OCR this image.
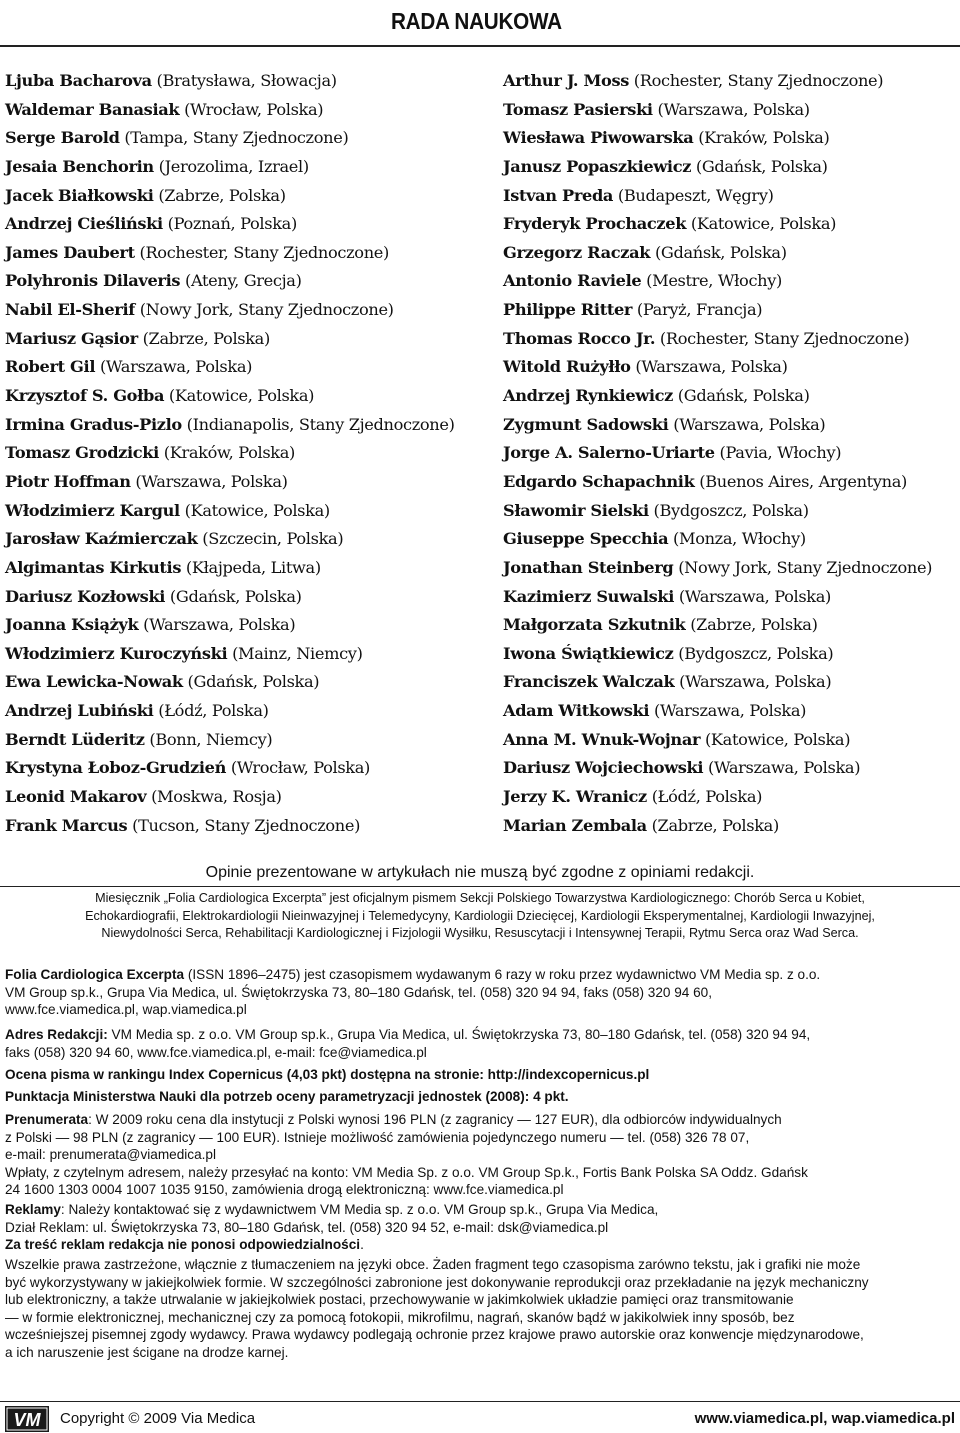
RADA NAUKOWA
Ljuba Bacharova (Bratysława, Słowacja)
Waldemar Banasiak (Wrocław, Polska)
Serge Barold (Tampa, Stany Zjednoczone)
Jesaia Benchorin (Jerozolima, Izrael)
Jacek Białkowski (Zabrze, Polska)
Andrzej Cieśliński (Poznań, Polska)
James Daubert (Rochester, Stany Zjednoczone)
Polyhronis Dilaveris (Ateny, Grecja)
Nabil El-Sherif (Nowy Jork, Stany Zjednoczone)
Mariusz Gąsior (Zabrze, Polska)
Robert Gil (Warszawa, Polska)
Krzysztof S. Gołba (Katowice, Polska)
Irmina Gradus-Pizlo (Indianapolis, Stany Zjednoczone)
Tomasz Grodzicki (Kraków, Polska)
Piotr Hoffman (Warszawa, Polska)
Włodzimierz Kargul (Katowice, Polska)
Jarosław Kaźmierczak (Szczecin, Polska)
Algimantas Kirkutis (Kłajpeda, Litwa)
Dariusz Kozłowski (Gdańsk, Polska)
Joanna Książyk (Warszawa, Polska)
Włodzimierz Kuroczyński (Mainz, Niemcy)
Ewa Lewicka-Nowak (Gdańsk, Polska)
Andrzej Lubiński (Łódź, Polska)
Berndt Lüderitz (Bonn, Niemcy)
Krystyna Łoboz-Grudzień (Wrocław, Polska)
Leonid Makarov (Moskwa, Rosja)
Frank Marcus (Tucson, Stany Zjednoczone)
Arthur J. Moss (Rochester, Stany Zjednoczone)
Tomasz Pasierski (Warszawa, Polska)
Wiesława Piwowarska (Kraków, Polska)
Janusz Popaszkiewicz (Gdańsk, Polska)
Istvan Preda (Budapeszt, Węgry)
Fryderyk Prochaczek (Katowice, Polska)
Grzegorz Raczak (Gdańsk, Polska)
Antonio Raviele (Mestre, Włochy)
Philippe Ritter (Paryż, Francja)
Thomas Rocco Jr. (Rochester, Stany Zjednoczone)
Witold Rużyłło (Warszawa, Polska)
Andrzej Rynkiewicz (Gdańsk, Polska)
Zygmunt Sadowski (Warszawa, Polska)
Jorge A. Salerno-Uriarte (Pavia, Włochy)
Edgardo Schapachnik (Buenos Aires, Argentyna)
Sławomir Sielski (Bydgoszcz, Polska)
Giuseppe Specchia (Monza, Włochy)
Jonathan Steinberg (Nowy Jork, Stany Zjednoczone)
Kazimierz Suwalski (Warszawa, Polska)
Małgorzata Szkutnik (Zabrze, Polska)
Iwona Świątkiewicz (Bydgoszcz, Polska)
Franciszek Walczak (Warszawa, Polska)
Adam Witkowski (Warszawa, Polska)
Anna M. Wnuk-Wojnar (Katowice, Polska)
Dariusz Wojciechowski (Warszawa, Polska)
Jerzy K. Wranicz (Łódź, Polska)
Marian Zembala (Zabrze, Polska)
Opinie prezentowane w artykułach nie muszą być zgodne z opiniami redakcji.
Miesięcznik „Folia Cardiologica Excerpta” jest oficjalnym pismem Sekcji Polskiego Towarzystwa Kardiologicznego: Chorób Serca u Kobiet,
Echokardiografii, Elektrokardiologii Nieinwazyjnej i Telemedycyny, Kardiologii Dziecięcej, Kardiologii Eksperymentalnej, Kardiologii Inwazyjnej,
Niewydolności Serca, Rehabilitacji Kardiologicznej i Fizjologii Wysiłku, Resuscytacji i Intensywnej Terapii, Rytmu Serca oraz Wad Serca.
Folia Cardiologica Excerpta (ISSN 1896–2475) jest czasopismem wydawanym 6 razy w roku przez wydawnictwo VM Media sp. z o.o.
VM Group sp.k., Grupa Via Medica, ul. Świętokrzyska 73, 80–180 Gdańsk, tel. (058) 320 94 94, faks (058) 320 94 60,
www.fce.viamedica.pl, wap.viamedica.pl
Adres Redakcji: VM Media sp. z o.o. VM Group sp.k., Grupa Via Medica, ul. Świętokrzyska 73, 80–180 Gdańsk, tel. (058) 320 94 94,
faks (058) 320 94 60, www.fce.viamedica.pl, e-mail: fce@viamedica.pl
Ocena pisma w rankingu Index Copernicus (4,03 pkt) dostępna na stronie: http://indexcopernicus.pl
Punktacja Ministerstwa Nauki dla potrzeb oceny parametryzacji jednostek (2008): 4 pkt.
Prenumerata: W 2009 roku cena dla instytucji z Polski wynosi 196 PLN (z zagranicy — 127 EUR), dla odbiorców indywidualnych
z Polski — 98 PLN (z zagranicy — 100 EUR). Istnieje możliwość zamówienia pojedynczego numeru — tel. (058) 326 78 07,
e-mail: prenumerata@viamedica.pl
Wpłaty, z czytelnym adresem, należy przesyłać na konto: VM Media Sp. z o.o. VM Group Sp.k., Fortis Bank Polska SA Oddz. Gdańsk
24 1600 1303 0004 1007 1035 9150, zamówienia drogą elektroniczną: www.fce.viamedica.pl
Reklamy: Należy kontaktować się z wydawnictwem VM Media sp. z o.o. VM Group sp.k., Grupa Via Medica,
Dział Reklam: ul. Świętokrzyska 73, 80–180 Gdańsk, tel. (058) 320 94 52, e-mail: dsk@viamedica.pl
Za treść reklam redakcja nie ponosi odpowiedzialności.
Wszelkie prawa zastrzeżone, włącznie z tłumaczeniem na języki obce. Żaden fragment tego czasopisma zarówno tekstu, jak i grafiki nie może
być wykorzystywany w jakiejkolwiek formie. W szczególności zabronione jest dokonywanie reprodukcji oraz przekładanie na język mechaniczny
lub elektroniczny, a także utrwalanie w jakiejkolwiek postaci, przechowywanie w jakimkolwiek układzie pamięci oraz transmitowanie
— w formie elektronicznej, mechanicznej czy za pomocą fotokopii, mikrofilmu, nagrań, skanów bądź w jakikolwiek inny sposób, bez
wcześniejszej pisemnej zgody wydawcy. Prawa wydawcy podlegają ochronie przez krajowe prawo autorskie oraz konwencje międzynarodowe,
a ich naruszenie jest ścigane na drodze karnej.
VM Copyright © 2009 Via Medica	www.viamedica.pl, wap.viamedica.pl
